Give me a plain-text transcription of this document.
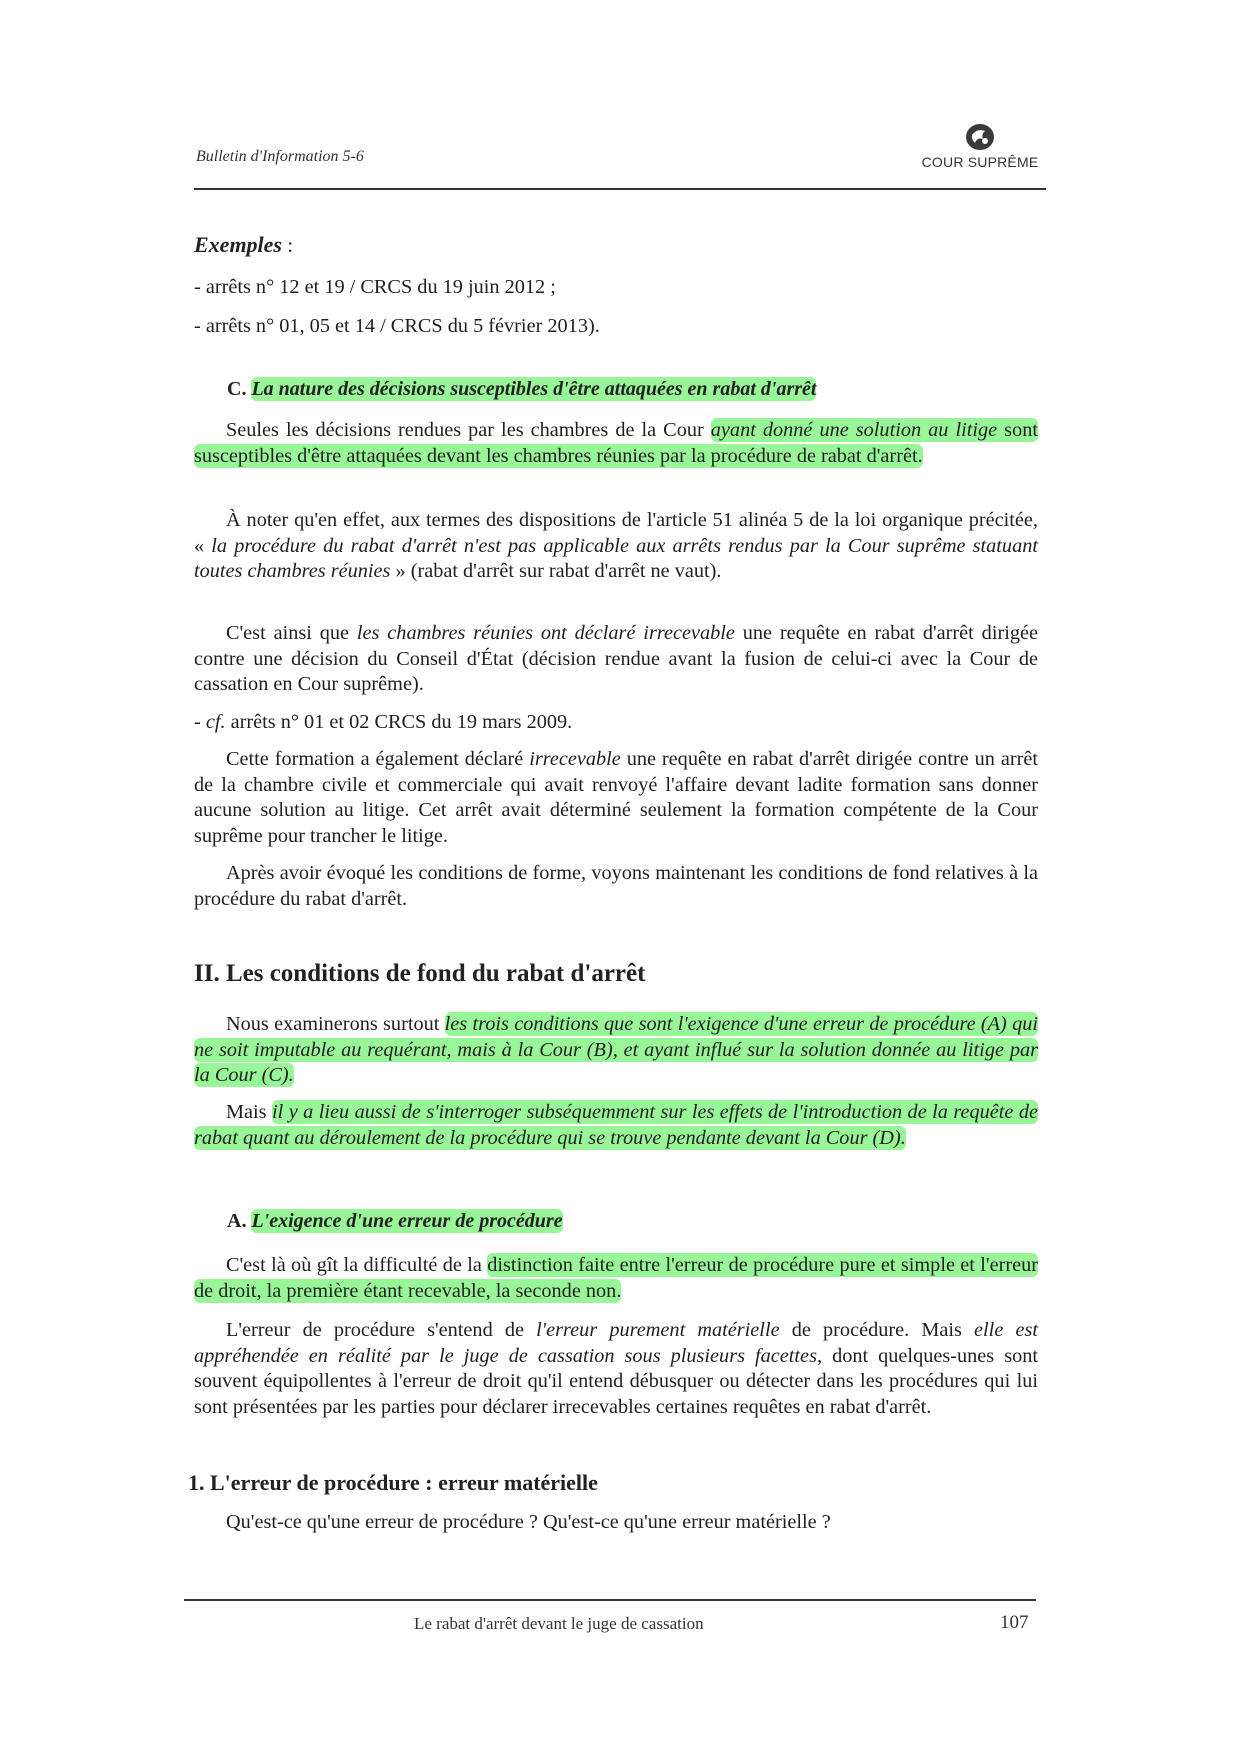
Bulletin d'Information 5-6	COUR SUPRÊME
Exemples :

- arrêts n° 12 et 19 / CRCS du 19 juin 2012 ;

- arrêts n° 01, 05 et 14 / CRCS du 5 février 2013).

C. La nature des décisions susceptibles d'être attaquées en rabat d'arrêt

Seules les décisions rendues par les chambres de la Cour ayant donné une solution au litige sont susceptibles d'être attaquées devant les chambres réunies par la procédure de rabat d'arrêt.

À noter qu'en effet, aux termes des dispositions de l'article 51 alinéa 5 de la loi organique précitée, « la procédure du rabat d'arrêt n'est pas applicable aux arrêts rendus par la Cour suprême statuant toutes chambres réunies » (rabat d'arrêt sur rabat d'arrêt ne vaut).

C'est ainsi que les chambres réunies ont déclaré irrecevable une requête en rabat d'arrêt dirigée contre une décision du Conseil d'État (décision rendue avant la fusion de celui-ci avec la Cour de cassation en Cour suprême).

- cf. arrêts n° 01 et 02 CRCS du 19 mars 2009.

Cette formation a également déclaré irrecevable une requête en rabat d'arrêt dirigée contre un arrêt de la chambre civile et commerciale qui avait renvoyé l'affaire devant ladite formation sans donner aucune solution au litige. Cet arrêt avait déterminé seulement la formation compétente de la Cour suprême pour trancher le litige.

Après avoir évoqué les conditions de forme, voyons maintenant les conditions de fond relatives à la procédure du rabat d'arrêt.

II. Les conditions de fond du rabat d'arrêt

Nous examinerons surtout les trois conditions que sont l'exigence d'une erreur de procédure (A) qui ne soit imputable au requérant, mais à la Cour (B), et ayant influé sur la solution donnée au litige par la Cour (C).

Mais il y a lieu aussi de s'interroger subséquemment sur les effets de l'introduction de la requête de rabat quant au déroulement de la procédure qui se trouve pendante devant la Cour (D).

A. L'exigence d'une erreur de procédure

C'est là où gît la difficulté de la distinction faite entre l'erreur de procédure pure et simple et l'erreur de droit, la première étant recevable, la seconde non.

L'erreur de procédure s'entend de l'erreur purement matérielle de procédure. Mais elle est appréhendée en réalité par le juge de cassation sous plusieurs facettes, dont quelques-unes sont souvent équipollentes à l'erreur de droit qu'il entend débusquer ou détecter dans les procédures qui lui sont présentées par les parties pour déclarer irrecevables certaines requêtes en rabat d'arrêt.

1. L'erreur de procédure : erreur matérielle

Qu'est-ce qu'une erreur de procédure ? Qu'est-ce qu'une erreur matérielle ?

Le rabat d'arrêt devant le juge de cassation	107
